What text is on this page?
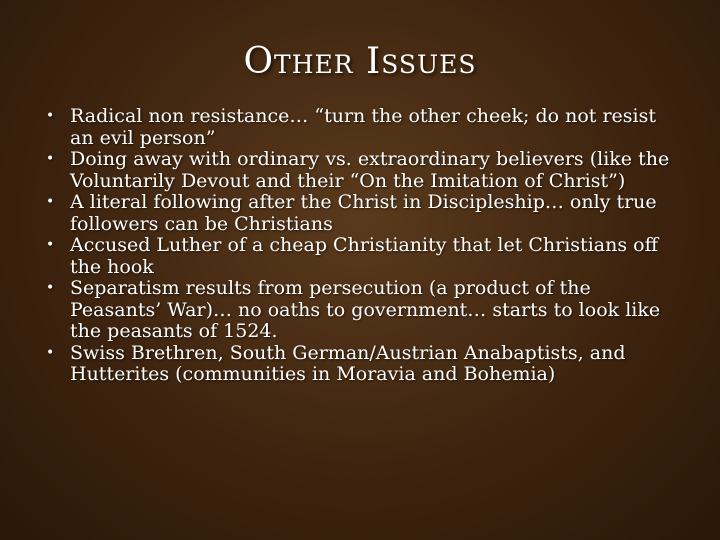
Other Issues
• Radical non resistance… “turn the other cheek; do not resist an evil person”
• Doing away with ordinary vs. extraordinary believers (like the Voluntarily Devout and their “On the Imitation of Christ”)
• A literal following after the Christ in Discipleship… only true followers can be Christians
• Accused Luther of a cheap Christianity that let Christians off the hook
• Separatism results from persecution (a product of the Peasants’ War)… no oaths to government… starts to look like the peasants of 1524.
• Swiss Brethren, South German/Austrian Anabaptists, and Hutterites (communities in Moravia and Bohemia)
